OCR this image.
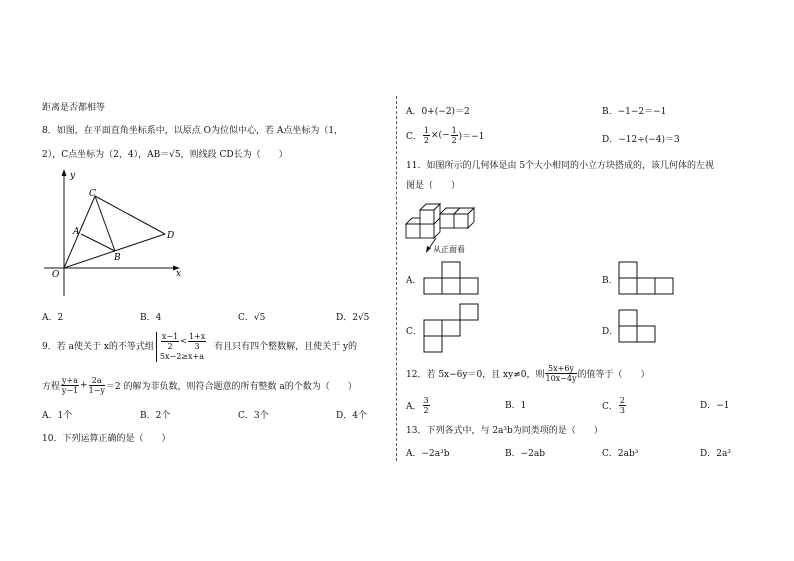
距离是否都相等
8．如图，在平面直角坐标系中，以原点 O为位似中心，若 A点坐标为（1，
2），C点坐标为（2，4），AB＝√5，则线段 CD长为（　　）
y
x
O
A
B
C
D
A．2	B．4	C．√5	D．2√5
9．若 a使关于 x的不等式组 $\frac{x-1}{2} < \frac{1+x}{3}$
5x−2≥x+a
有且只有四个整数解，且使关于 y的
方程 $\frac{y+a}{y-1} + \frac{2a}{1-y} =2$ 的解为非负数，则符合题意的所有整数 a的个数为（　　）
A．1个	B．2个	C．3个	D．4个
10．下列运算正确的是（　　）
A．0+(−2)＝2	B．−1−2＝−1
C． $\frac{1}{2}$ ×(− $\frac{1}{2} )=-1$	D．−12÷(−4)＝3
11．如图所示的几何体是由 5个大小相同的小立方块搭成的，该几何体的左视
图是（　　）
从正面看
A．	B．
C．	D．
12．若 5x−6y＝0，且 xy≠0，则 $\frac{5x+6y}{10x-4y}$ 的值等于（　　）
A． $\frac{3}{2}$	B．1	C． $\frac{2}{3}$	D．−1
13．下列各式中，与 2a³b为同类项的是（　　）
A．−2a³b	B．−2ab	C．2ab³	D．2a³
